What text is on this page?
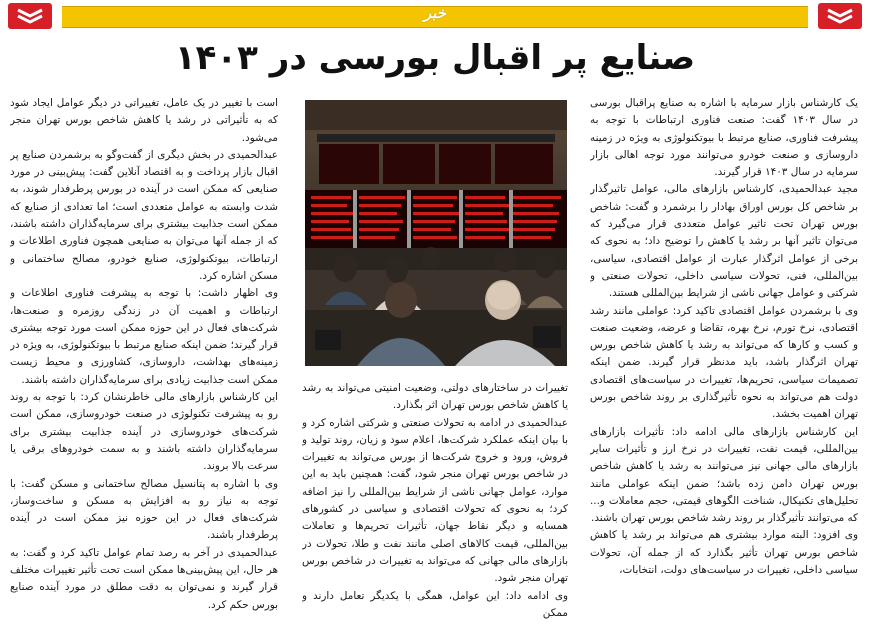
خبر
صنایع پر اقبال بورسی در ۱۴۰۳

یک کارشناس بازار سرمایه با اشاره به صنایع پراقبال بورسی در سال ۱۴۰۳ گفت: صنعت فناوری ارتباطات با توجه به پیشرفت فناوری، صنایع مرتبط با بیوتکنولوژی به ویژه در زمینه داروسازی و صنعت خودرو می‌توانند مورد توجه اهالی بازار سرمایه در سال ۱۴۰۳ قرار گیرند.

مجید عبدالحمیدی، کارشناس بازارهای مالی، عوامل تاثیرگذار بر شاخص کل بورس اوراق بهادار را برشمرد و گفت: شاخص بورس تهران تحت تاثیر عوامل متعددی قرار می‌گیرد که می‌توان تاثیر آنها بر رشد یا کاهش را توضیح داد؛ به نحوی که برخی از عوامل اثرگذار عبارت از عوامل اقتصادی، سیاسی، بین‌المللی، فنی، تحولات سیاسی داخلی، تحولات صنعتی و شرکتی و عوامل جهانی ناشی از شرایط بین‌المللی هستند.

وی با برشمردن عوامل اقتصادی تاکید کرد: عواملی مانند رشد اقتصادی، نرخ تورم، نرخ بهره، تقاضا و عرضه، وضعیت صنعت و کسب و کارها که می‌تواند به رشد یا کاهش شاخص بورس تهران اثرگذار باشد، باید مدنظر قرار گیرند. ضمن اینکه تصمیمات سیاسی، تحریم‌ها، تغییرات در سیاست‌های اقتصادی دولت هم می‌تواند به نحوه تأثیرگذاری بر روند شاخص بورس تهران اهمیت بخشد.

این کارشناس بازارهای مالی ادامه داد: تأثیرات بازارهای بین‌المللی، قیمت نفت، تغییرات در نرخ ارز و تأثیرات سایر بازارهای مالی جهانی نیز می‌توانند به رشد یا کاهش شاخص بورس تهران دامن زده باشد؛ ضمن اینکه عواملی مانند تحلیل‌های تکنیکال، شناخت الگوهای قیمتی، حجم معاملات و... که می‌توانند تأثیرگذار بر روند رشد شاخص بورس تهران باشند.

وی افزود: البته موارد بیشتری هم می‌تواند بر رشد یا کاهش شاخص بورس تهران تأثیر بگذارد که از جمله آن، تحولات سیاسی داخلی، تغییرات در سیاست‌های دولت، انتخابات،

تغییرات در ساختارهای دولتی، وضعیت امنیتی می‌تواند به رشد یا کاهش شاخص بورس تهران اثر بگذارد.

عبدالحمیدی در ادامه به تحولات صنعتی و شرکتی اشاره کرد و با بیان اینکه عملکرد شرکت‌ها، اعلام سود و زیان، روند تولید و فروش، ورود و خروج شرکت‌ها از بورس می‌تواند به تغییرات در شاخص بورس تهران منجر شود، گفت: همچنین باید به این موارد، عوامل جهانی ناشی از شرایط بین‌المللی را نیز اضافه کرد؛ به نحوی که تحولات اقتصادی و سیاسی در کشورهای همسایه و دیگر نقاط جهان، تأثیرات تحریم‌ها و تعاملات بین‌المللی، قیمت کالاهای اصلی مانند نفت و طلا، تحولات در بازارهای مالی جهانی که می‌تواند به تغییرات در شاخص بورس تهران منجر شود.

وی ادامه داد: این عوامل، همگی با یکدیگر تعامل دارند و ممکن

است با تغییر در یک عامل، تغییراتی در دیگر عوامل ایجاد شود که به تأثیراتی در رشد یا کاهش شاخص بورس تهران منجر می‌شود.

عبدالحمیدی در بخش دیگری از گفت‌وگو به برشمردن صنایع پر اقبال بازار پرداخت و به اقتصاد آنلاین گفت: پیش‌بینی در مورد صنایعی که ممکن است در آینده در بورس پرطرفدار شوند، به شدت وابسته به عوامل متعددی است؛ اما تعدادی از صنایع که ممکن است جذابیت بیشتری برای سرمایه‌گذاران داشته باشند، که از جمله آنها می‌توان به صنایعی همچون فناوری اطلاعات و ارتباطات، بیوتکنولوژی، صنایع خودرو، مصالح ساختمانی و مسکن اشاره کرد.

وی اظهار داشت: با توجه به پیشرفت فناوری اطلاعات و ارتباطات و اهمیت آن در زندگی روزمره و صنعت‌ها، شرکت‌های فعال در این حوزه ممکن است مورد توجه بیشتری قرار گیرند؛ ضمن اینکه صنایع مرتبط با بیوتکنولوژی، به ویژه در زمینه‌های بهداشت، داروسازی، کشاورزی و محیط زیست ممکن است جذابیت زیادی برای سرمایه‌گذاران داشته باشند.

این کارشناس بازارهای مالی خاطرنشان کرد: با توجه به روند رو به پیشرفت تکنولوژی در صنعت خودروسازی، ممکن است شرکت‌های خودروسازی در آینده جذابیت بیشتری برای سرمایه‌گذاران داشته باشند و به سمت خودروهای برقی یا سرعت بالا بروند.

وی با اشاره به پتانسیل مصالح ساختمانی و مسکن گفت: با توجه به نیاز رو به افزایش به مسکن و ساخت‌وساز، شرکت‌های فعال در این حوزه نیز ممکن است در آینده پرطرفدار باشند.

عبدالحمیدی در آخر به رصد تمام عوامل تاکید کرد و گفت: به هر حال، این پیش‌بینی‌ها ممکن است تحت تأثیر تغییرات مختلف قرار گیرند و نمی‌توان به دقت مطلق در مورد آینده صنایع بورس حکم کرد.
